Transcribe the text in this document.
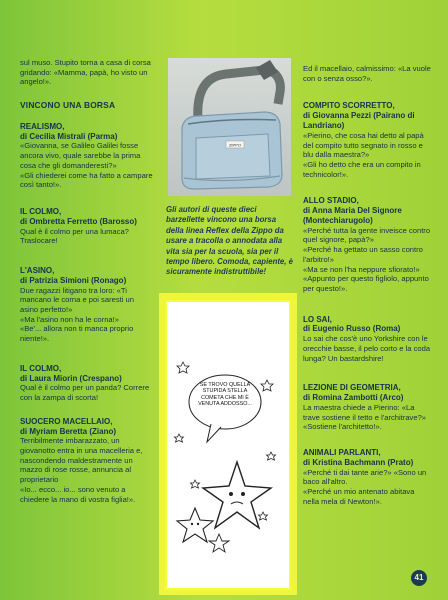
sul muso. Stupito torna a casa di corsa gridando: «Mamma, papà, ho visto un angelo!».

VINCONO UNA BORSA

REALISMO,
di Cecilia Mistrali (Parma)

«Giovanna, se Galileo Galilei fosse ancora vivo, quale sarebbe la prima cosa che gli domanderesti?»
«Gli chiederei come ha fatto a campare così tanto!».

IL COLMO,
di Ombretta Ferretto (Barosso)

Qual è il colmo per una lumaca? Traslocare!

L'ASINO,
di Patrizia Simioni (Ronago)

Due ragazzi litigano tra loro: «Ti mancano le corna e poi saresti un asino perfetto!»
«Ma l'asino non ha le corna!»
«Be'... allora non ti manca proprio niente!».

IL COLMO,
di Laura Miorin (Crespano)

Qual è il colmo per un panda? Correre con la zampa di scorta!

SUOCERO MACELLAIO,
di Myriam Beretta (Ziano)

Terribilmente imbarazzato, un giovanotto entra in una macelleria e, nascondendo maldestramente un mazzo di rose rosse, annuncia al proprietario
«Io... ecco... io... sono venuto a chiedere la mano di vostra figlia!».

ZIPPO

Gli autori di queste dieci barzellette vincono una borsa della linea Reflex della Zippo da usare a tracolla o annodata alla vita sia per la scuola, sia per il tempo libero. Comoda, capiente, è sicuramente indistruttibile!

SE TROVO QUELLA STUPIDA STELLA COMETA CHE MI È VENUTA ADDOSSO...

Ed il macellaio, calmissimo: «La vuole con o senza osso?».

COMPITO SCORRETTO,
di Giovanna Pezzi (Pairano di Landriano)

«Pierino, che cosa hai detto al papà del compito tutto segnato in rosso e blu dalla maestra?»
«Gli ho detto che era un compito in technicolor!».

ALLO STADIO,
di Anna Maria Del Signore (Montechiarugolo)

«Perché tutta la gente inveisce contro quel signore, papà?»
«Perché ha gettato un sasso contro l'arbitro!»
«Ma se non l'ha neppure sfiorato!»
«Appunto per questo figliolo, appunto per questo!».

LO SAI,
di Eugenio Russo (Roma)

Lo sai che cos'è uno Yorkshire con le orecchie basse, il pelo corto e la coda lunga? Un bastardshire!

LEZIONE DI GEOMETRIA,
di Romina Zambotti (Arco)

La maestra chiede a Pierino: «La trave sostiene il tetto e l'architrave?»
«Sostiene l'architetto!».

ANIMALI PARLANTI,
di Kristina Bachmann (Prato)

«Perché ti dai tante arie?» «Sono un baco all'altro.
«Perché un mio antenato abitava nella mela di Newton!».

41
